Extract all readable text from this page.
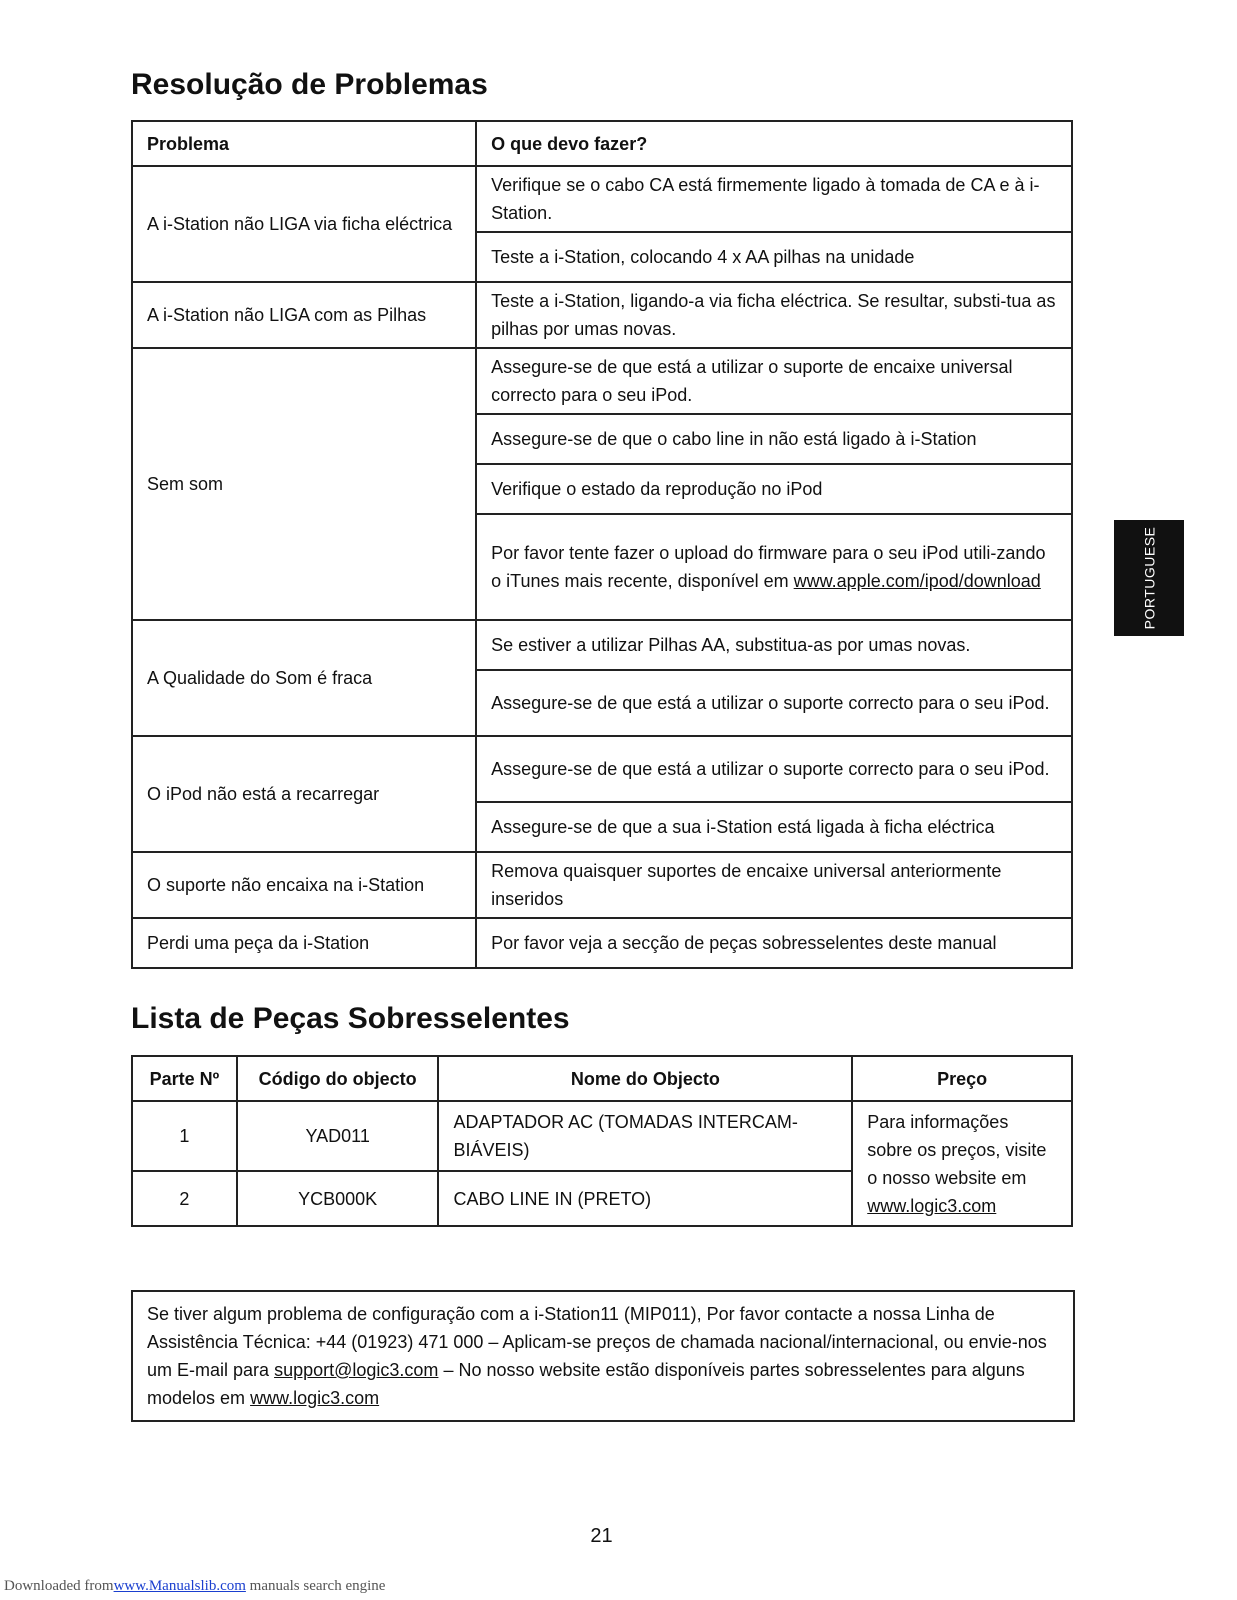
Resolução de Problemas
Problema	O que devo fazer?
A i-Station não LIGA via ficha eléctrica	Verifique se o cabo CA está firmemente ligado à tomada de CA e à i-Station.
	Teste a i-Station, colocando 4 x AA pilhas na unidade
A i-Station não LIGA com as Pilhas	Teste a i-Station, ligando-a via ficha eléctrica. Se resultar, substi-tua as pilhas por umas novas.
Sem som	Assegure-se de que está a utilizar o suporte de encaixe universal correcto para o seu iPod.
	Assegure-se de que o cabo line in não está ligado à i-Station
	Verifique o estado da reprodução no iPod
	Por favor tente fazer o upload do firmware para o seu iPod utili-zando o iTunes mais recente, disponível em www.apple.com/ipod/download
A Qualidade do Som é fraca	Se estiver a utilizar Pilhas AA, substitua-as por umas novas.
	Assegure-se de que está a utilizar o suporte correcto para o seu iPod.
O iPod não está a recarregar	Assegure-se de que está a utilizar o suporte correcto para o seu iPod.
	Assegure-se de que a sua i-Station está ligada à ficha eléctrica
O suporte não encaixa na i-Station	Remova quaisquer suportes de encaixe universal anteriormente inseridos
Perdi uma peça da i-Station	Por favor veja a secção de peças sobresselentes deste manual
Lista de Peças Sobresselentes
Parte Nº	Código do objecto	Nome do Objecto	Preço
1	YAD011	ADAPTADOR AC (TOMADAS INTERCAM-BIÁVEIS)	Para informações sobre os preços, visite o nosso website em www.logic3.com
2	YCB000K	CABO LINE IN (PRETO)	
Se tiver algum problema de configuração com a i-Station11 (MIP011), Por favor contacte a nossa Linha de Assistência Técnica: +44 (01923) 471 000 – Aplicam-se preços de chamada nacional/internacional, ou envie-nos um E-mail para support@logic3.com – No nosso website estão disponíveis partes sobresselentes para alguns modelos em www.logic3.com
PORTUGUESE
21
Downloaded fromwww.Manualslib.com manuals search engine
